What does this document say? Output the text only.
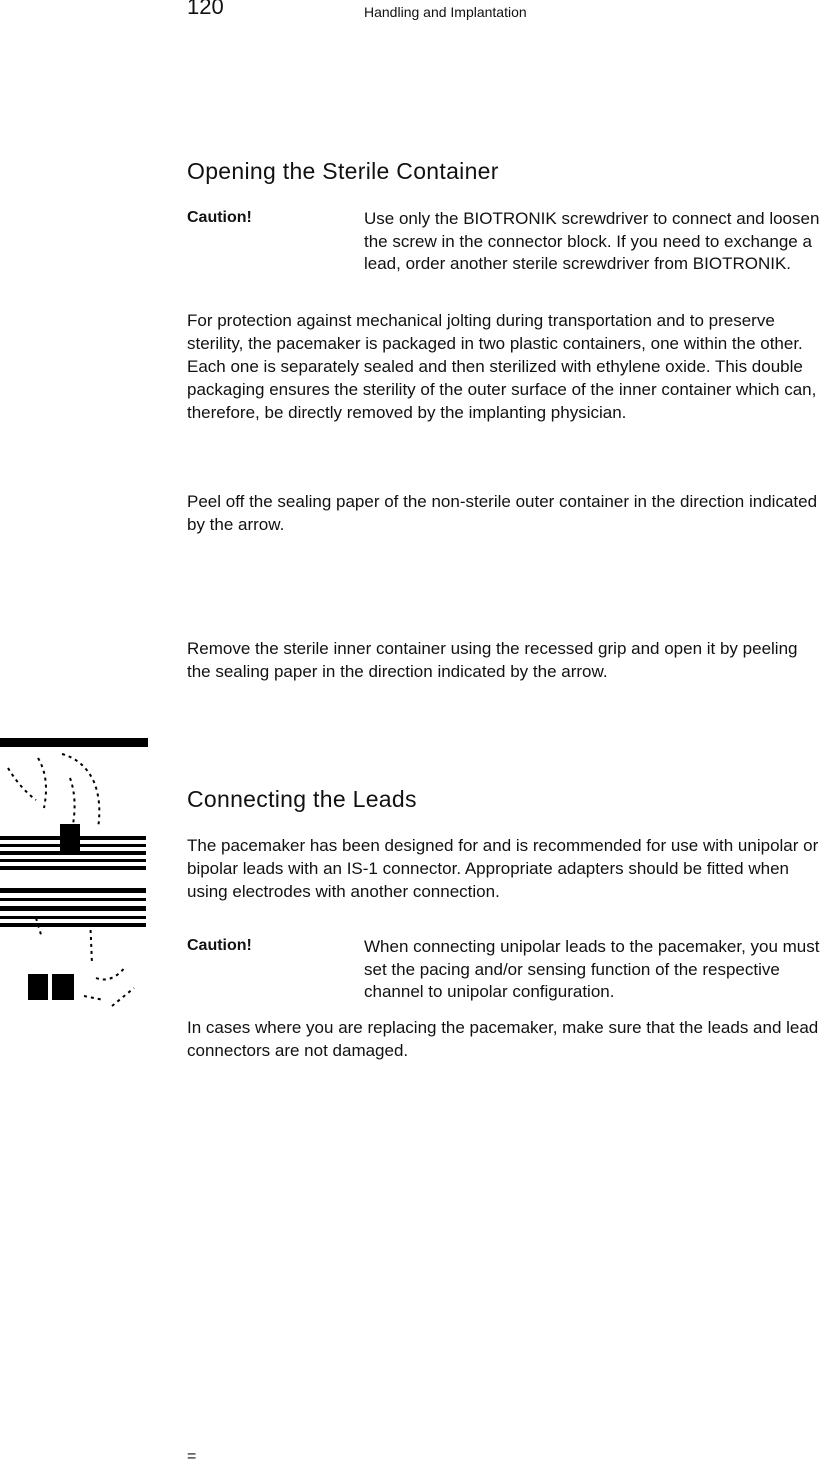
120	Handling and Implantation
Opening the Sterile Container
Caution!	Use only the BIOTRONIK screwdriver to connect and loosen the screw in the connector block. If you need to exchange a lead, order another sterile screwdriver from BIOTRONIK.

For protection against mechanical jolting during transportation and to preserve sterility, the pacemaker is packaged in two plastic containers, one within the other. Each one is separately sealed and then sterilized with ethylene oxide. This double packaging ensures the sterility of the outer surface of the inner container which can, therefore, be directly removed by the implanting physician.

Peel off the sealing paper of the non-sterile outer container in the direction indicated by the arrow.

Remove the sterile inner container using the recessed grip and open it by peeling the sealing paper in the direction indicated by the arrow.

Connecting the Leads

The pacemaker has been designed for and is recommended for use with unipolar or bipolar leads with an IS-1 connector. Appropriate adapters should be fitted when using electrodes with another connection.

Caution!	When connecting unipolar leads to the pacemaker, you must set the pacing and/or sensing function of the respective channel to unipolar configuration.

In cases where you are replacing the pacemaker, make sure that the leads and lead connectors are not damaged.

=
